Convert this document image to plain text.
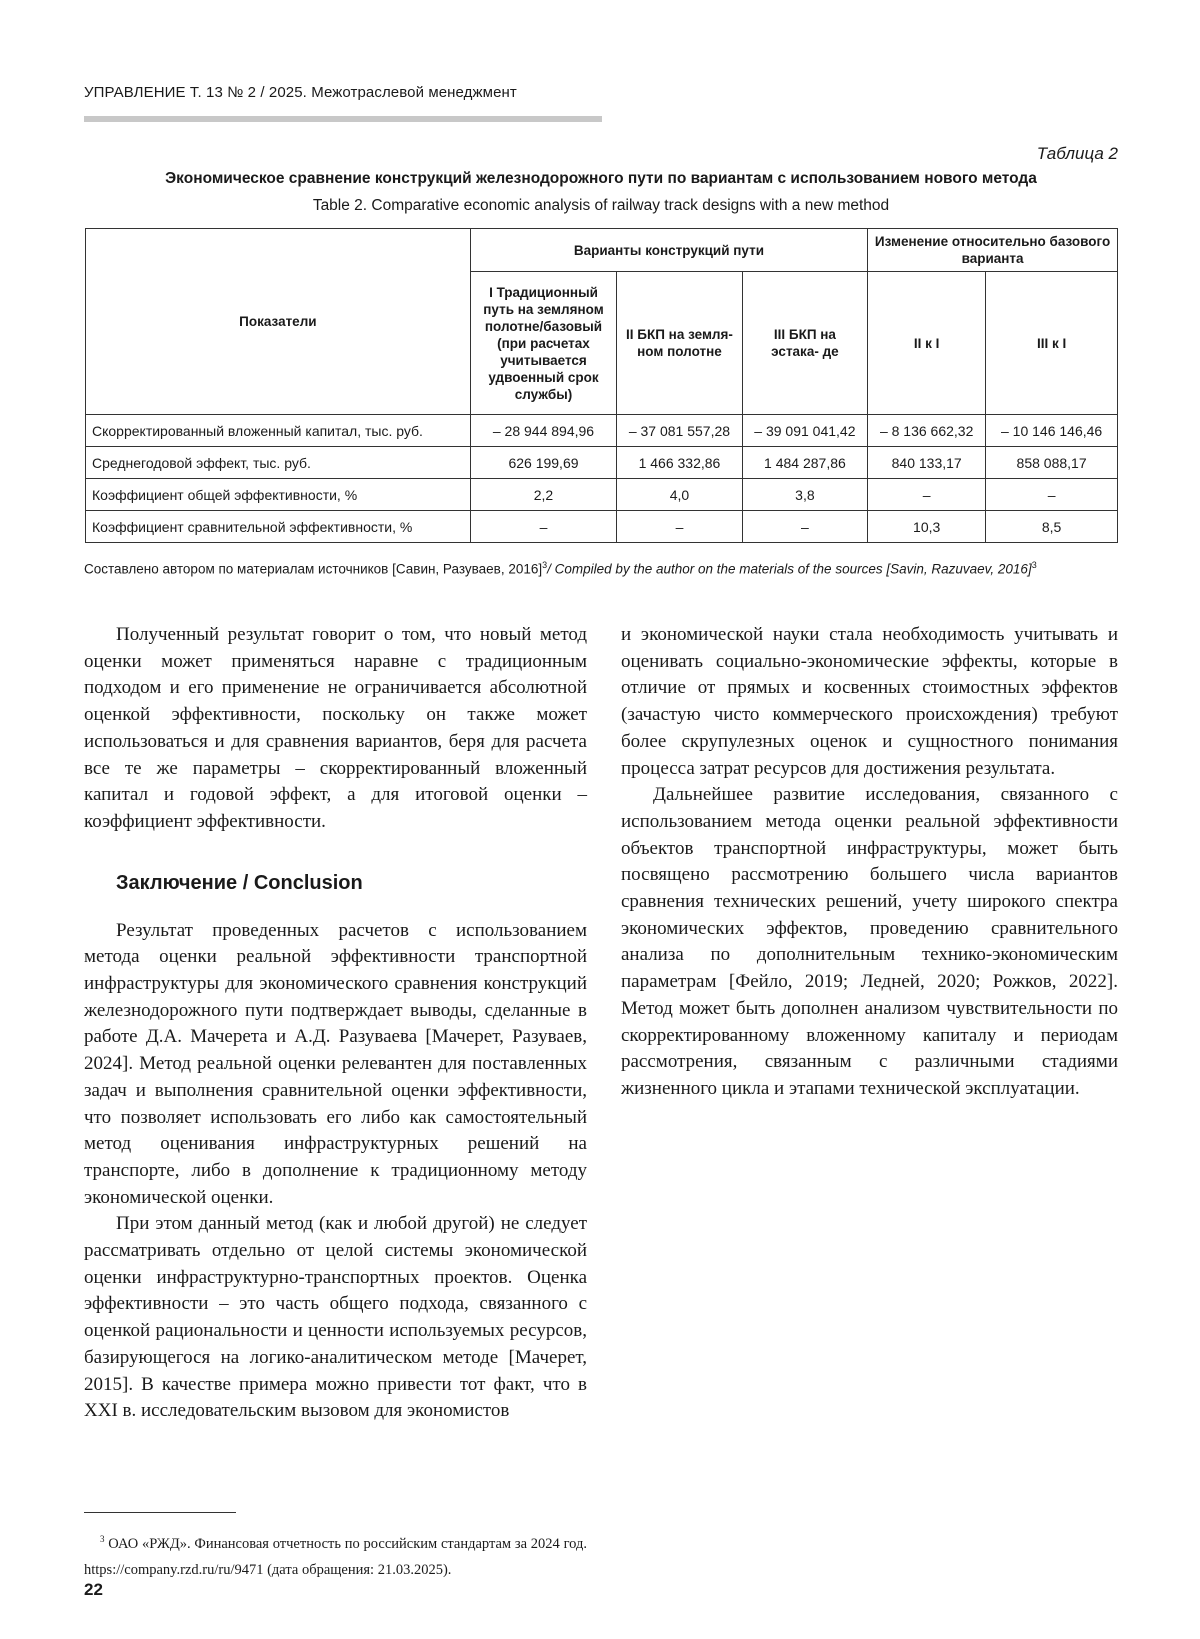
УПРАВЛЕНИЕ Т. 13 № 2 / 2025. Межотраслевой менеджмент
Таблица 2
Экономическое сравнение конструкций железнодорожного пути по вариантам с использованием нового метода
Table 2. Comparative economic analysis of railway track designs with a new method
Показатели	Варианты конструкций пути			Изменение относительно базового варианта	
	I Традиционный путь на земляном полотне/базовый (при расчетах учитывается удвоенный срок службы)	II БКП на земля- ном полотне	III БКП на эстака- де	II к I	III к I
Скорректированный вложенный капитал, тыс. руб.	– 28 944 894,96	– 37 081 557,28	– 39 091 041,42	– 8 136 662,32	– 10 146 146,46
Среднегодовой эффект, тыс. руб.	626 199,69	1 466 332,86	1 484 287,86	840 133,17	858 088,17
Коэффициент общей эффективности, %	2,2	4,0	3,8	–	–
Коэффициент сравнительной эффективности, %	–	–	–	10,3	8,5
Составлено автором по материалам источников [Савин, Разуваев, 2016]$^3$/ Compiled by the author on the materials of the sources [Savin, Razuvaev, 2016]$^3$

Полученный результат говорит о том, что новый метод оценки может применяться наравне с традиционным подходом и его применение не ограничивается абсолютной оценкой эффективности, поскольку он также может использоваться и для сравнения вариантов, беря для расчета все те же параметры – скорректированный вложенный капитал и годовой эффект, а для итоговой оценки – коэффициент эффективности.

Заключение / Conclusion

Результат проведенных расчетов с использованием метода оценки реальной эффективности транспортной инфраструктуры для экономического сравнения конструкций железнодорожного пути подтверждает выводы, сделанные в работе Д.А. Мачерета и А.Д. Разуваева [Мачерет, Разуваев, 2024]. Метод реальной оценки релевантен для поставленных задач и выполнения сравнительной оценки эффективности, что позволяет использовать его либо как самостоятельный метод оценивания инфраструктурных решений на транспорте, либо в дополнение к традиционному методу экономической оценки.

При этом данный метод (как и любой другой) не следует рассматривать отдельно от целой системы экономической оценки инфраструктурно-транспортных проектов. Оценка эффективности – это часть общего подхода, связанного с оценкой рациональности и ценности используемых ресурсов, базирующегося на логико-аналитическом методе [Мачерет, 2015]. В качестве примера можно привести тот факт, что в XXI в. исследовательским вызовом для экономистов

и экономической науки стала необходимость учитывать и оценивать социально-экономические эффекты, которые в отличие от прямых и косвенных стоимостных эффектов (зачастую чисто коммерческого происхождения) требуют более скрупулезных оценок и сущностного понимания процесса затрат ресурсов для достижения результата.

Дальнейшее развитие исследования, связанного с использованием метода оценки реальной эффективности объектов транспортной инфраструктуры, может быть посвящено рассмотрению большего числа вариантов сравнения технических решений, учету широкого спектра экономических эффектов, проведению сравнительного анализа по дополнительным технико-экономическим параметрам [Фейло, 2019; Ледней, 2020; Рожков, 2022]. Метод может быть дополнен анализом чувствительности по скорректированному вложенному капиталу и периодам рассмотрения, связанным с различными стадиями жизненного цикла и этапами технической эксплуатации.

$^3$ ОАО «РЖД». Финансовая отчетность по российским стандартам за 2024 год. https://company.rzd.ru/ru/9471 (дата обращения: 21.03.2025).

22
